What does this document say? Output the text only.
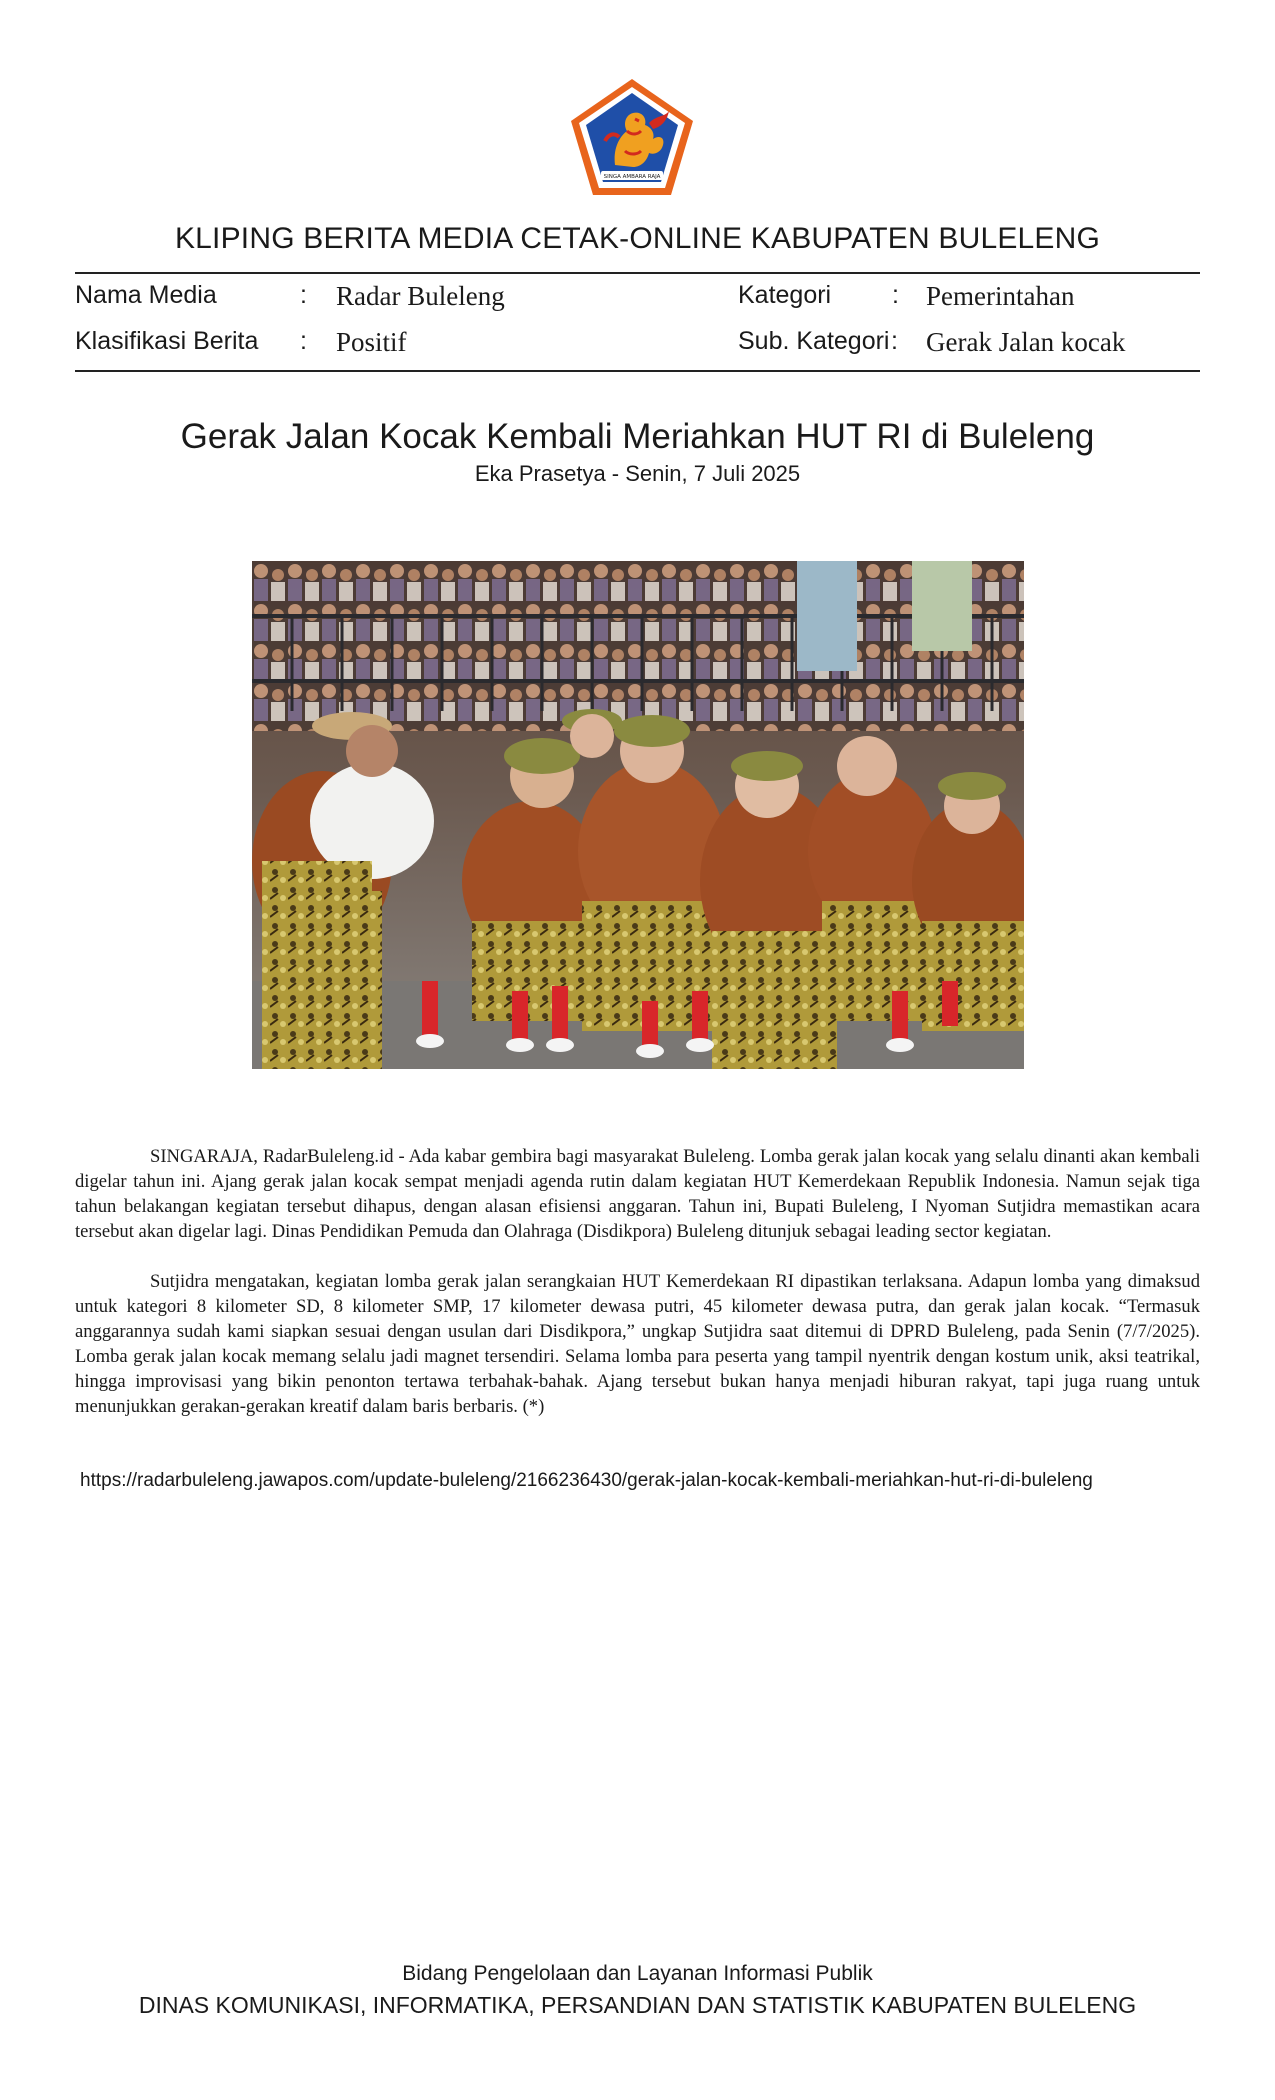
SINGA AMBARA RAJA
KLIPING BERITA MEDIA CETAK-ONLINE KABUPATEN BULELENG
Nama Media	: Radar Buleleng
Klasifikasi Berita : Positif
Kategori : Pemerintahan
Sub. Kategori : Gerak Jalan kocak
Gerak Jalan Kocak Kembali Meriahkan HUT RI di Buleleng
Eka Prasetya - Senin, 7 Juli 2025

SINGARAJA, RadarBuleleng.id - Ada kabar gembira bagi masyarakat Buleleng. Lomba gerak jalan kocak yang selalu dinanti akan kembali digelar tahun ini. Ajang gerak jalan kocak sempat menjadi agenda rutin dalam kegiatan HUT Kemerdekaan Republik Indonesia. Namun sejak tiga tahun belakangan kegiatan tersebut dihapus, dengan alasan efisiensi anggaran. Tahun ini, Bupati Buleleng, I Nyoman Sutjidra memastikan acara tersebut akan digelar lagi. Dinas Pendidikan Pemuda dan Olahraga (Disdikpora) Buleleng ditunjuk sebagai leading sector kegiatan.

Sutjidra mengatakan, kegiatan lomba gerak jalan serangkaian HUT Kemerdekaan RI dipastikan terlaksana. Adapun lomba yang dimaksud untuk kategori 8 kilometer SD, 8 kilometer SMP, 17 kilometer dewasa putri, 45 kilometer dewasa putra, dan gerak jalan kocak. “Termasuk anggarannya sudah kami siapkan sesuai dengan usulan dari Disdikpora,” ungkap Sutjidra saat ditemui di DPRD Buleleng, pada Senin (7/7/2025). Lomba gerak jalan kocak memang selalu jadi magnet tersendiri. Selama lomba para peserta yang tampil nyentrik dengan kostum unik, aksi teatrikal, hingga improvisasi yang bikin penonton tertawa terbahak-bahak. Ajang tersebut bukan hanya menjadi hiburan rakyat, tapi juga ruang untuk menunjukkan gerakan-gerakan kreatif dalam baris berbaris. (*)

https://radarbuleleng.jawapos.com/update-buleleng/2166236430/gerak-jalan-kocak-kembali-meriahkan-hut-ri-di-buleleng
Bidang Pengelolaan dan Layanan Informasi Publik
DINAS KOMUNIKASI, INFORMATIKA, PERSANDIAN DAN STATISTIK KABUPATEN BULELENG
